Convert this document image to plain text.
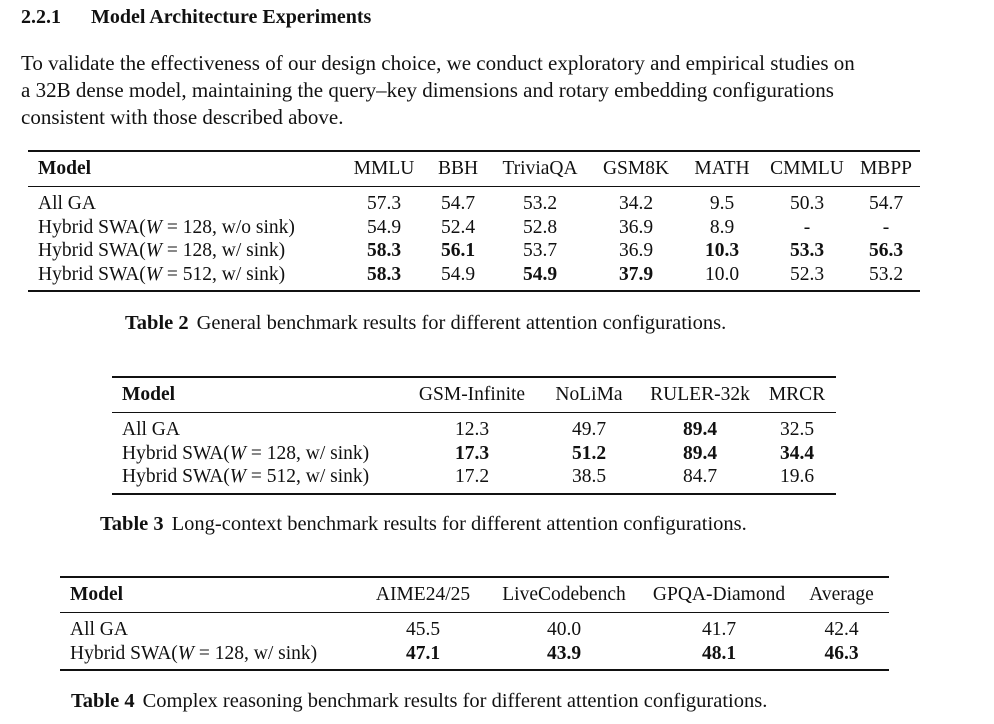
2.2.1 Model Architecture Experiments

To validate the effectiveness of our design choice, we conduct exploratory and empirical studies on
a 32B dense model, maintaining the query–key dimensions and rotary embedding configurations
consistent with those described above.

Model	MMLU	BBH	TriviaQA	GSM8K	MATH	CMMLU	MBPP
All GA	57.3	54.7	53.2	34.2	9.5	50.3	54.7
Hybrid SWA(W = 128, w/o sink)	54.9	52.4	52.8	36.9	8.9	-	-
Hybrid SWA(W = 128, w/ sink)	58.3	56.1	53.7	36.9	10.3	53.3	56.3
Hybrid SWA(W = 512, w/ sink)	58.3	54.9	54.9	37.9	10.0	52.3	53.2
Table 2 General benchmark results for different attention configurations.
Model	GSM-Infinite	NoLiMa	RULER-32k	MRCR
All GA	12.3	49.7	89.4	32.5
Hybrid SWA(W = 128, w/ sink)	17.3	51.2	89.4	34.4
Hybrid SWA(W = 512, w/ sink)	17.2	38.5	84.7	19.6
Table 3 Long-context benchmark results for different attention configurations.
Model	AIME24/25	LiveCodebench	GPQA-Diamond	Average
All GA	45.5	40.0	41.7	42.4
Hybrid SWA(W = 128, w/ sink)	47.1	43.9	48.1	46.3
Table 4 Complex reasoning benchmark results for different attention configurations.
